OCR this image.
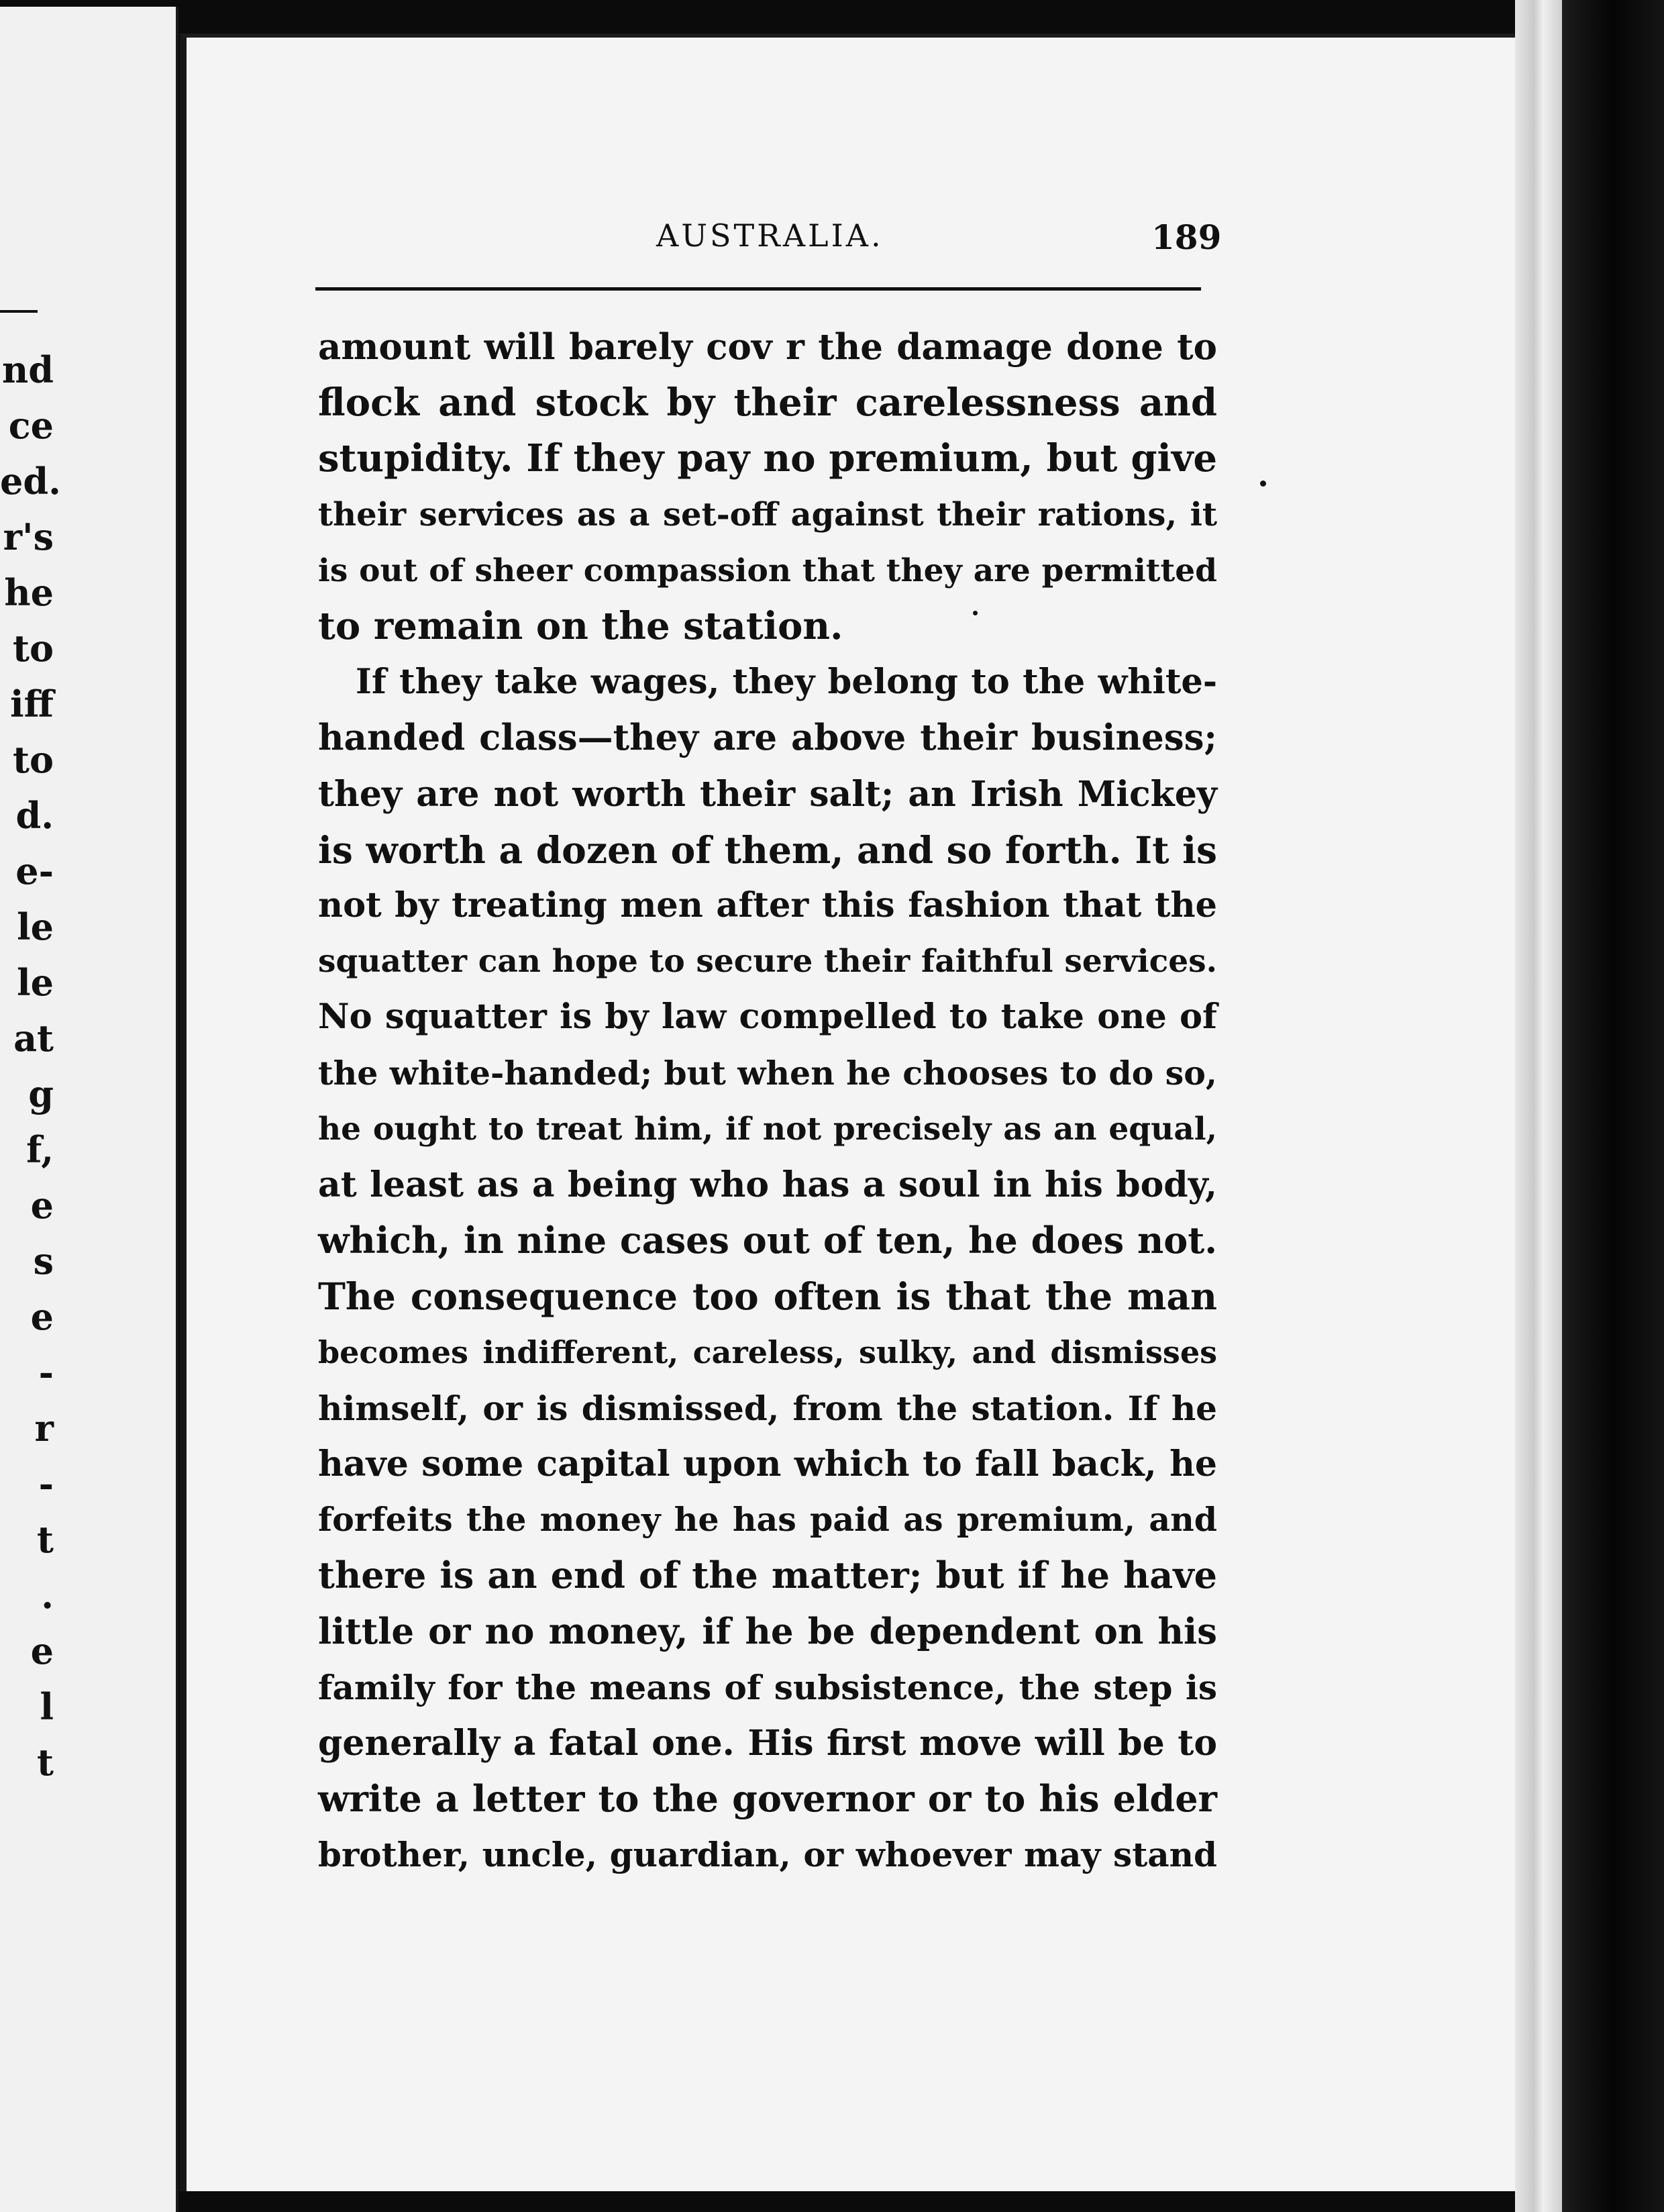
nd
ce
ed.
r's
he
to
iff
to
d.
e-
le
le
at
g
f,
e
s
e
-
r
-
t
.
e
l
t
AUSTRALIA.	189
amount will barely cov r the damage done to
flock and stock by their carelessness and
stupidity. If they pay no premium, but give
their services as a set-off against their rations, it
is out of sheer compassion that they are permitted
to remain on the station.
If they take wages, they belong to the white-
handed class—they are above their business;
they are not worth their salt; an Irish Mickey
is worth a dozen of them, and so forth. It is
not by treating men after this fashion that the
squatter can hope to secure their faithful services.
No squatter is by law compelled to take one of
the white-handed; but when he chooses to do so,
he ought to treat him, if not precisely as an equal,
at least as a being who has a soul in his body,
which, in nine cases out of ten, he does not.
The consequence too often is that the man
becomes indifferent, careless, sulky, and dismisses
himself, or is dismissed, from the station. If he
have some capital upon which to fall back, he
forfeits the money he has paid as premium, and
there is an end of the matter; but if he have
little or no money, if he be dependent on his
family for the means of subsistence, the step is
generally a fatal one. His first move will be to
write a letter to the governor or to his elder
brother, uncle, guardian, or whoever may stand
